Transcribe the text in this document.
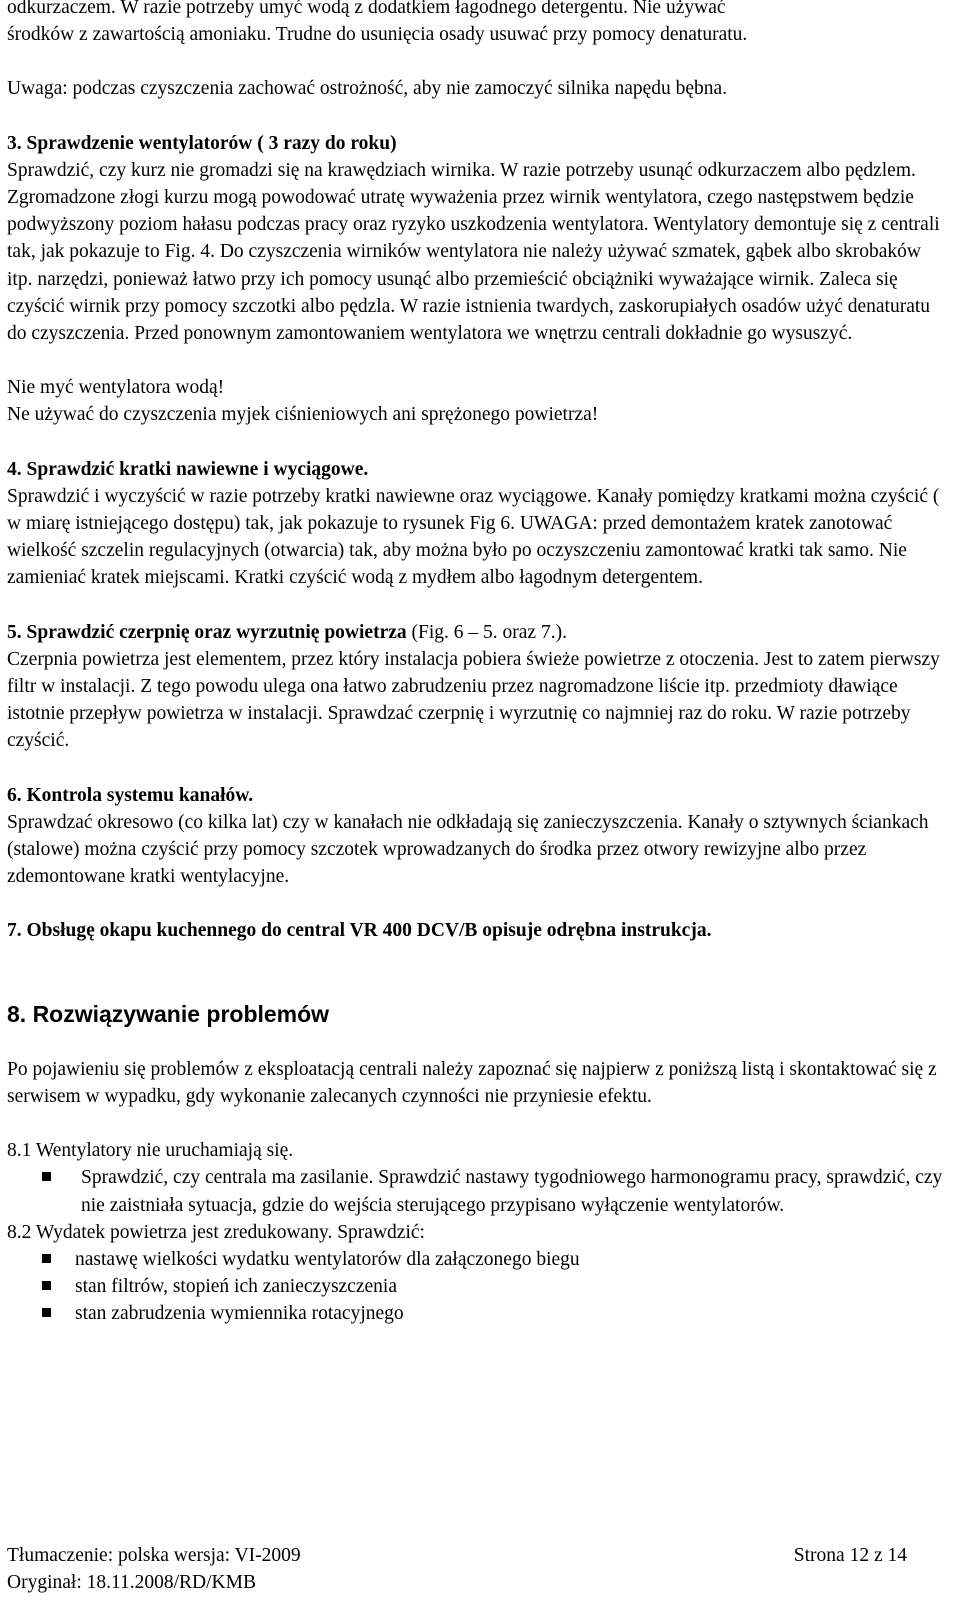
odkurzaczem. W razie potrzeby umyć wodą z dodatkiem łagodnego detergentu. Nie używać

środków z zawartością amoniaku. Trudne do usunięcia osady usuwać przy pomocy denaturatu.

Uwaga: podczas czyszczenia zachować ostrożność, aby nie zamoczyć silnika napędu bębna.

3. Sprawdzenie wentylatorów ( 3 razy do roku)

Sprawdzić, czy kurz nie gromadzi się na krawędziach wirnika. W razie potrzeby usunąć odkurzaczem albo pędzlem. Zgromadzone złogi kurzu mogą powodować utratę wyważenia przez wirnik wentylatora, czego następstwem będzie podwyższony poziom hałasu podczas pracy oraz ryzyko uszkodzenia wentylatora. Wentylatory demontuje się z centrali tak, jak pokazuje to Fig. 4. Do czyszczenia wirników wentylatora nie należy używać szmatek, gąbek albo skrobaków itp. narzędzi, ponieważ łatwo przy ich pomocy usunąć albo przemieścić obciążniki wyważające wirnik. Zaleca się czyścić wirnik przy pomocy szczotki albo pędzla. W razie istnienia twardych, zaskorupiałych osadów użyć denaturatu do czyszczenia. Przed ponownym zamontowaniem wentylatora we wnętrzu centrali dokładnie go wysuszyć.

Nie myć wentylatora wodą!

Ne używać do czyszczenia myjek ciśnieniowych ani sprężonego powietrza!

4. Sprawdzić kratki nawiewne i wyciągowe.

Sprawdzić i wyczyścić w razie potrzeby kratki nawiewne oraz wyciągowe. Kanały pomiędzy kratkami można czyścić ( w miarę istniejącego dostępu) tak, jak pokazuje to rysunek Fig 6. UWAGA: przed demontażem kratek zanotować wielkość szczelin regulacyjnych (otwarcia) tak, aby można było po oczyszczeniu zamontować kratki tak samo. Nie zamieniać kratek miejscami. Kratki czyścić wodą z mydłem albo łagodnym detergentem.

5. Sprawdzić czerpnię oraz wyrzutnię powietrza (Fig. 6 – 5. oraz 7.).

Czerpnia powietrza jest elementem, przez który instalacja pobiera świeże powietrze z otoczenia. Jest to zatem pierwszy filtr w instalacji. Z tego powodu ulega ona łatwo zabrudzeniu przez nagromadzone liście itp. przedmioty dławiące istotnie przepływ powietrza w instalacji. Sprawdzać czerpnię i wyrzutnię co najmniej raz do roku. W razie potrzeby czyścić.

6. Kontrola systemu kanałów.

Sprawdzać okresowo (co kilka lat) czy w kanałach nie odkładają się zanieczyszczenia. Kanały o sztywnych ściankach (stalowe) można czyścić przy pomocy szczotek wprowadzanych do środka przez otwory rewizyjne albo przez zdemontowane kratki wentylacyjne.

7. Obsługę okapu kuchennego do central VR 400 DCV/B opisuje odrębna instrukcja.

8. Rozwiązywanie problemów

Po pojawieniu się problemów z eksploatacją centrali należy zapoznać się najpierw z poniższą listą i skontaktować się z serwisem w wypadku, gdy wykonanie zalecanych czynności nie przyniesie efektu.

8.1 Wentylatory nie uruchamiają się.

Sprawdzić, czy centrala ma zasilanie. Sprawdzić nastawy tygodniowego harmonogramu pracy, sprawdzić, czy nie zaistniała sytuacja, gdzie do wejścia sterującego przypisano wyłączenie wentylatorów.

8.2 Wydatek powietrza jest zredukowany. Sprawdzić:

nastawę wielkości wydatku wentylatorów dla załączonego biegu
stan filtrów, stopień ich zanieczyszczenia
stan zabrudzenia wymiennika rotacyjnego
Tłumaczenie: polska wersja: VI-2009	Strona 12 z 14
Oryginał: 18.11.2008/RD/KMB
